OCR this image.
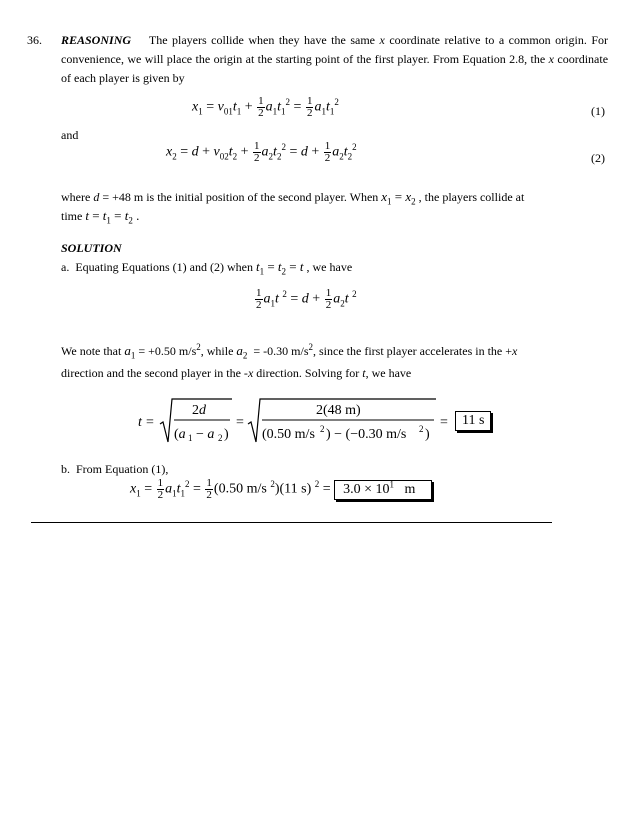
36. REASONING The players collide when they have the same x coordinate relative to a common origin. For convenience, we will place the origin at the starting point of the first player. From Equation 2.8, the x coordinate of each player is given by
$x_1 = v_{01}t_1 + \frac{1}{2} a_1t_1^2 = \frac{1}{2} a_1t_1^2$
(1)
and
$x_2 = d + v_{02}t_2 + \frac{1}{2} a_2t_2^2 = d + \frac{1}{2} a_2t_2^2$
(2)
where d = +48 m is the initial position of the second player. When $x_1 = x_2$ , the players collide at
time $t = t_1 = t_2$ .
SOLUTION
a. Equating Equations (1) and (2) when $t_1 = t_2 = t$ , we have
$\frac{1}{2} a_1t$ $^2 = d + \frac{1}{2} a_2t$ $^2$
We note that $a_1 = +0.50$ $m/s^2$, while $a_2 = -0.30$ $m/s^2$, since the first player accelerates in the +x
direction and the second player in the -x direction. Solving for t, we have
t =
2d
(a 1 − a 2 )
=
2(48 m)
(0.50 m/s 2 ) − (−0.30 m/s 2 )
=	11 s
b. From Equation (1),
$x_1 = \frac{1}{2} a_1t_1^2 = \frac{1}{2} (0.50$ m/s $^2$)(11 s) $^2 = 3.0 \times 10^1$ m
